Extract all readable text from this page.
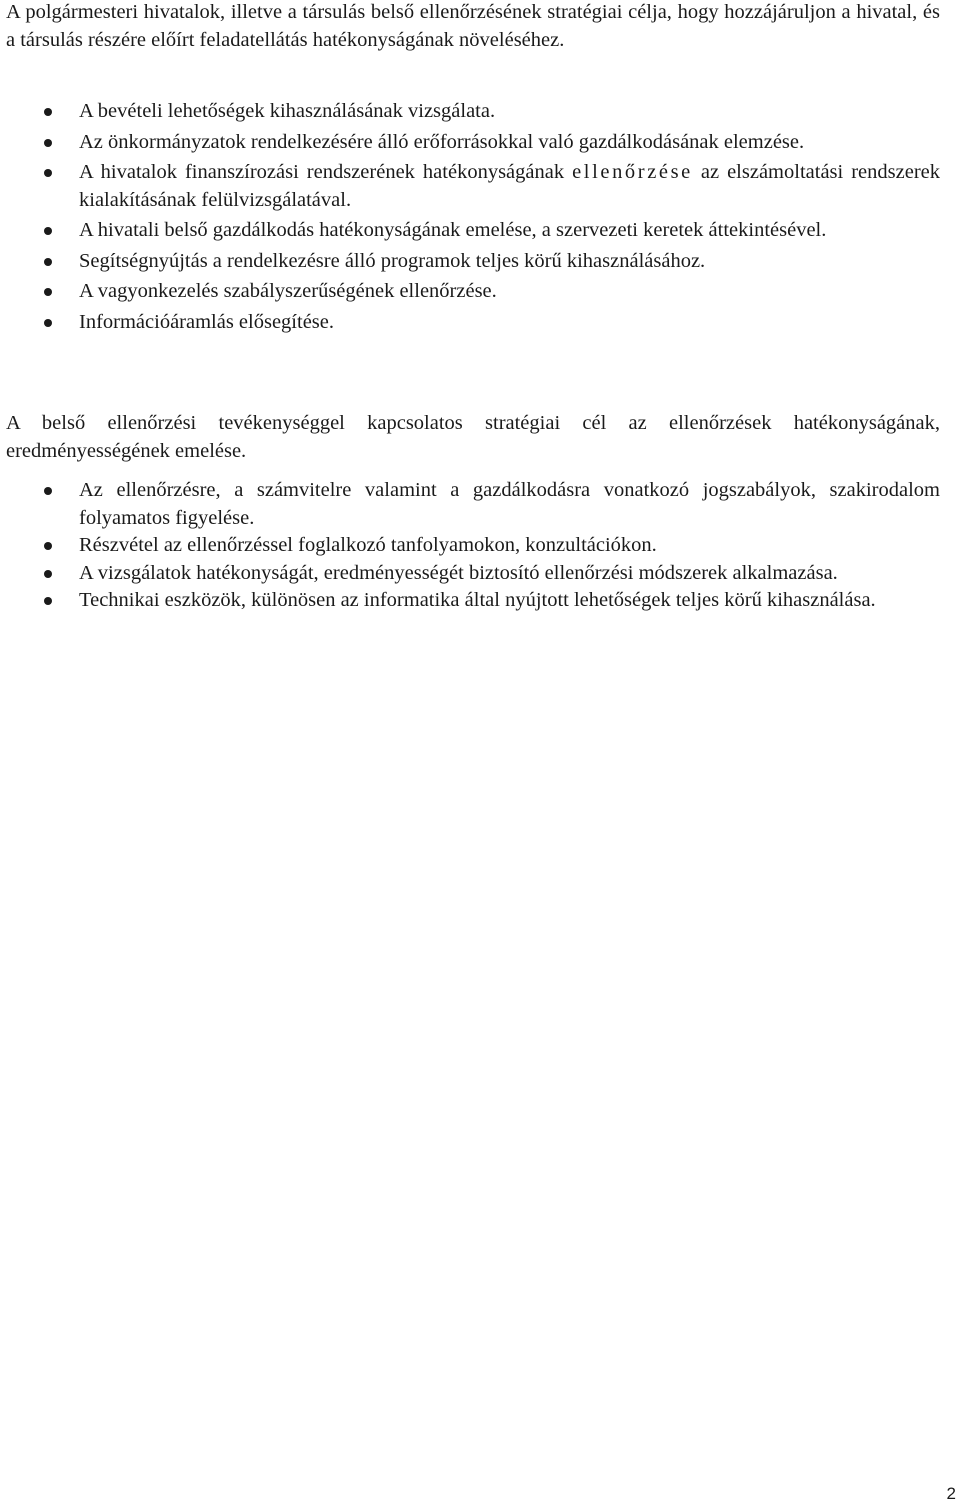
A polgármesteri hivatalok, illetve a társulás belső ellenőrzésének stratégiai célja, hogy hozzájáruljon a hivatal, és a társulás részére előírt feladatellátás hatékonyságának növeléséhez.

A bevételi lehetőségek kihasználásának vizsgálata.
Az önkormányzatok rendelkezésére álló erőforrásokkal való gazdálkodásának elemzése.
A hivatalok finanszírozási rendszerének hatékonyságának ellenőrzése az elszámoltatási rendszerek kialakításának felülvizsgálatával.
A hivatali belső gazdálkodás hatékonyságának emelése, a szervezeti keretek áttekintésével.
Segítségnyújtás a rendelkezésre álló programok teljes körű kihasználásához.
A vagyonkezelés szabályszerűségének ellenőrzése.
Információáramlás elősegítése.

A belső ellenőrzési tevékenységgel kapcsolatos stratégiai cél az ellenőrzések hatékonyságának, eredményességének emelése.

Az ellenőrzésre, a számvitelre valamint a gazdálkodásra vonatkozó jogszabályok, szakirodalom folyamatos figyelése.
Részvétel az ellenőrzéssel foglalkozó tanfolyamokon, konzultációkon.
A vizsgálatok hatékonyságát, eredményességét biztosító ellenőrzési módszerek alkalmazása.
Technikai eszközök, különösen az informatika által nyújtott lehetőségek teljes körű kihasználása.
2
